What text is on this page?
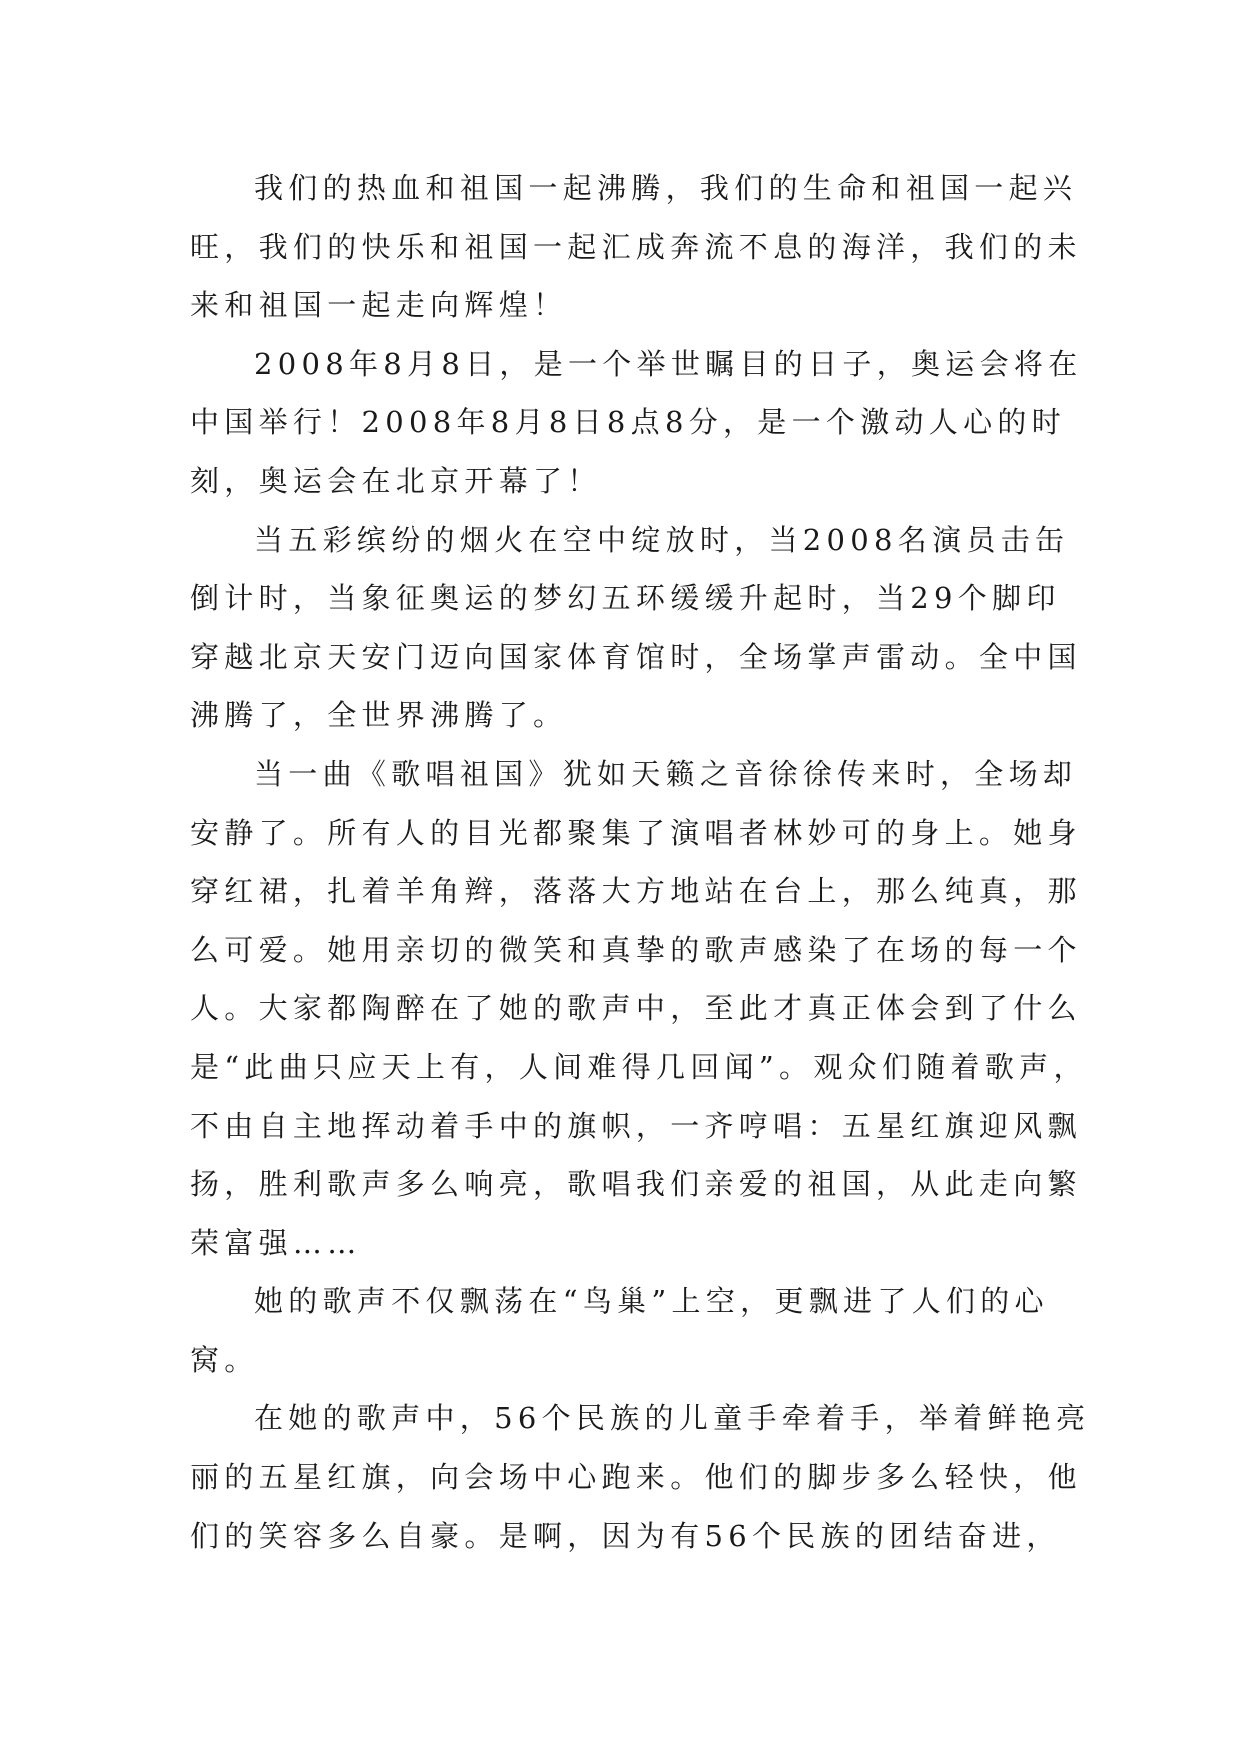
我们的热血和祖国一起沸腾，我们的生命和祖国一起兴
旺，我们的快乐和祖国一起汇成奔流不息的海洋，我们的未
来和祖国一起走向辉煌！
2008年8月8日，是一个举世瞩目的日子，奥运会将在
中国举行！2008年8月8日8点8分，是一个激动人心的时
刻，奥运会在北京开幕了！
当五彩缤纷的烟火在空中绽放时，当2008名演员击缶
倒计时，当象征奥运的梦幻五环缓缓升起时，当29个脚印
穿越北京天安门迈向国家体育馆时，全场掌声雷动。全中国
沸腾了，全世界沸腾了。
当一曲《歌唱祖国》犹如天籁之音徐徐传来时，全场却
安静了。所有人的目光都聚集了演唱者林妙可的身上。她身
穿红裙，扎着羊角辫，落落大方地站在台上，那么纯真，那
么可爱。她用亲切的微笑和真挚的歌声感染了在场的每一个
人。大家都陶醉在了她的歌声中，至此才真正体会到了什么
是“此曲只应天上有，人间难得几回闻”。观众们随着歌声，
不由自主地挥动着手中的旗帜，一齐哼唱：五星红旗迎风飘
扬，胜利歌声多么响亮，歌唱我们亲爱的祖国，从此走向繁
荣富强……
她的歌声不仅飘荡在“鸟巢”上空，更飘进了人们的心
窝。
在她的歌声中，56个民族的儿童手牵着手，举着鲜艳亮
丽的五星红旗，向会场中心跑来。他们的脚步多么轻快，他
们的笑容多么自豪。是啊，因为有56个民族的团结奋进，
